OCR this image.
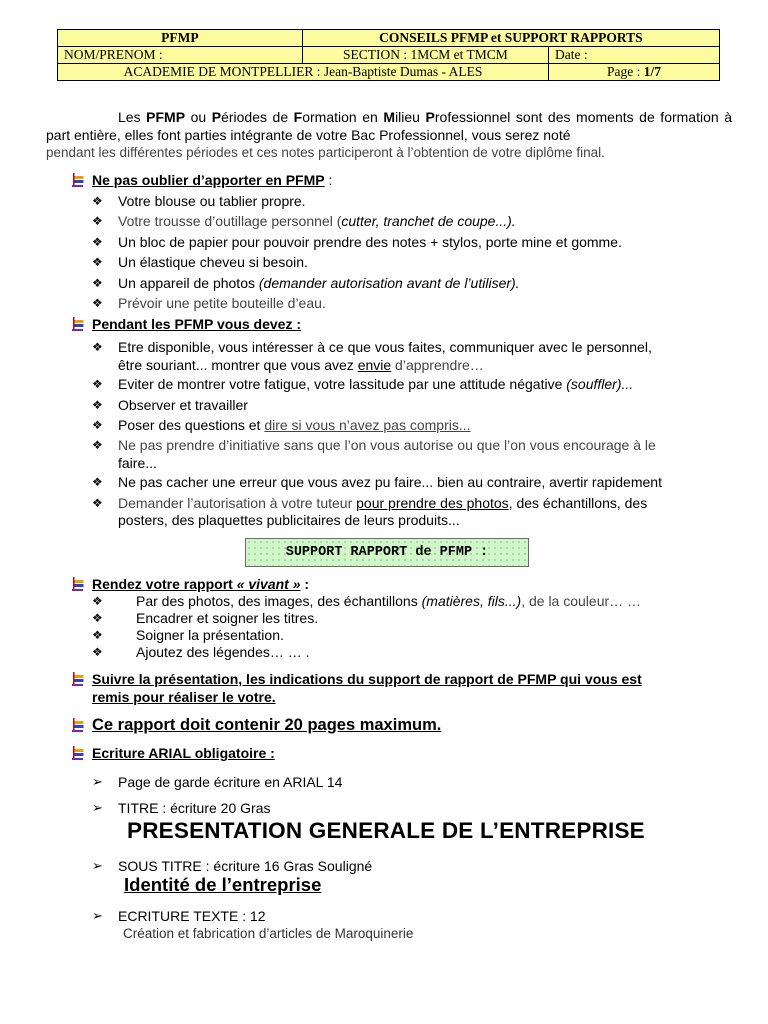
PFMP	CONSEILS PFMP et SUPPORT RAPPORTS	
NOM/PRENOM :	SECTION : 1MCM et TMCM	Date :
ACADEMIE DE MONTPELLIER : Jean-Baptiste Dumas - ALES		Page : 1/7

Les PFMP ou Périodes de Formation en Milieu Professionnel sont des moments de formation à part entière, elles font parties intégrante de votre Bac Professionnel, vous serez noté

pendant les différentes périodes et ces notes participeront à l’obtention de votre diplôme final.

Ne pas oublier d’apporter en PFMP :
❖ Votre blouse ou tablier propre.
❖ Votre trousse d’outillage personnel (cutter, tranchet de coupe...).
❖ Un bloc de papier pour pouvoir prendre des notes + stylos, porte mine et gomme.
❖ Un élastique cheveu si besoin.
❖ Un appareil de photos (demander autorisation avant de l’utiliser).
❖ Prévoir une petite bouteille d’eau.
Pendant les PFMP vous devez :
❖ Etre disponible, vous intéresser à ce que vous faites, communiquer avec le personnel,
être souriant... montrer que vous avez envie d’apprendre…
❖ Eviter de montrer votre fatigue, votre lassitude par une attitude négative (souffler)...
❖ Observer et travailler
❖ Poser des questions et dire si vous n’avez pas compris...
❖ Ne pas prendre d’initiative sans que l’on vous autorise ou que l’on vous encourage à le
faire...
❖ Ne pas cacher une erreur que vous avez pu faire... bien au contraire, avertir rapidement
❖ Demander l’autorisation à votre tuteur pour prendre des photos, des échantillons, des
posters, des plaquettes publicitaires de leurs produits...
SUPPORT RAPPORT de PFMP :
Rendez votre rapport « vivant » :
❖ Par des photos, des images, des échantillons (matières, fils...), de la couleur… …
❖ Encadrer et soigner les titres.
❖ Soigner la présentation.
❖ Ajoutez des légendes… … .
Suivre la présentation, les indications du support de rapport de PFMP qui vous est
remis pour réaliser le votre.
Ce rapport doit contenir 20 pages maximum.
Ecriture ARIAL obligatoire :
➢ Page de garde écriture en ARIAL 14
➢ TITRE : écriture 20 Gras
PRESENTATION GENERALE DE L’ENTREPRISE
➢ SOUS TITRE : écriture 16 Gras Souligné
Identité de l’entreprise
➢ ECRITURE TEXTE : 12
Création et fabrication d’articles de Maroquinerie
